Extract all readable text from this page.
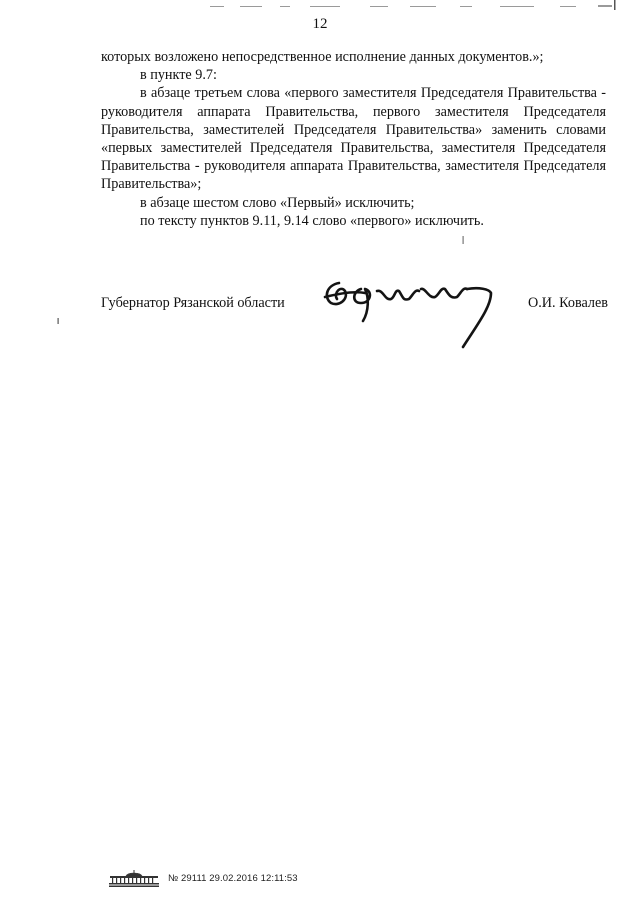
12

которых возложено непосредственное исполнение данных документов.»;

в пункте 9.7:

в абзаце третьем слова «первого заместителя Председателя Правительства - руководителя аппарата Правительства, первого заместителя Председателя Правительства, заместителей Председателя Правительства» заменить словами «первых заместителей Председателя Правительства, заместителя Председателя Правительства - руководителя аппарата Правительства, заместителя Председателя Правительства»;

в абзаце шестом слово «Первый» исключить;

по тексту пунктов 9.11, 9.14 слово «первого» исключить.

Губернатор Рязанской области	О.И. Ковалев
№ 29111 29.02.2016 12:11:53
